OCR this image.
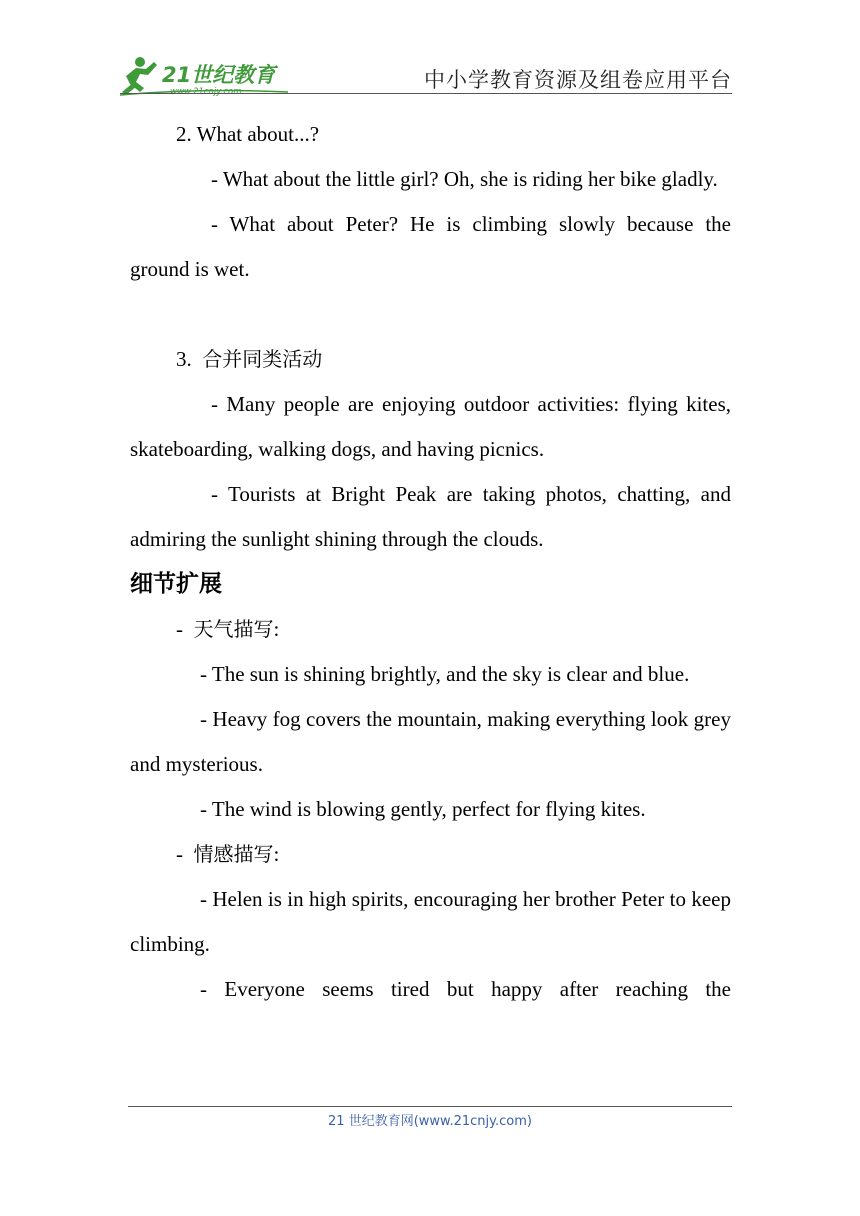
21世纪教育
www.21cnjy.com	中小学教育资源及组卷应用平台

2. What about...?

- What about the little girl? Oh, she is riding her bike gladly.

- What about Peter? He is climbing slowly because the ground is wet.

3. 合并同类活动

- Many people are enjoying outdoor activities: flying kites, skateboarding, walking dogs, and having picnics.

- Tourists at Bright Peak are taking photos, chatting, and admiring the sunlight shining through the clouds.

细节扩展

-  天气描写:

- The sun is shining brightly, and the sky is clear and blue.

- Heavy fog covers the mountain, making everything look grey and mysterious.

- The wind is blowing gently, perfect for flying kites.

-  情感描写:

- Helen is in high spirits, encouraging her brother Peter to keep climbing.

- Everyone seems tired but happy after reaching the

21 世纪教育网(www.21cnjy.com)
